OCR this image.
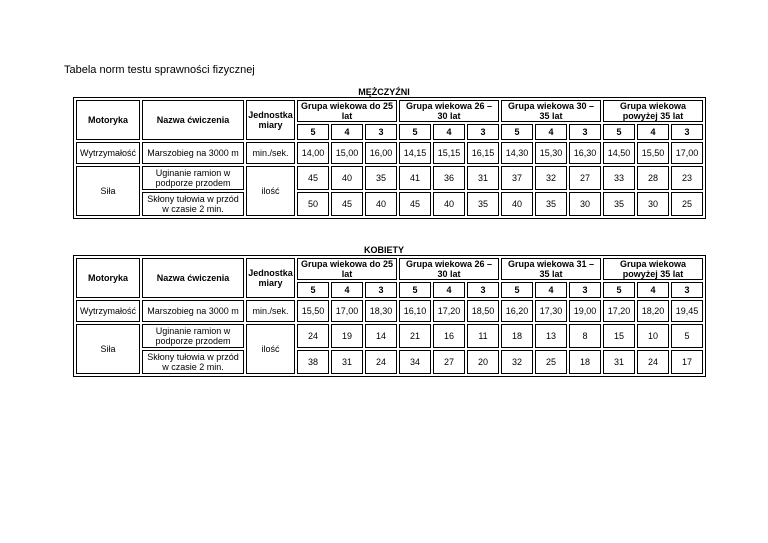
Tabela norm testu sprawności fizycznej
MĘŻCZYŹNI
Motoryka	Nazwa ćwiczenia	Jednostka miary	Grupa wiekowa do 25 lat			Grupa wiekowa 26 – 30 lat			Grupa wiekowa 30 – 35 lat			Grupa wiekowa powyżej 35 lat		
			5	4	3	5	4	3	5	4	3	5	4	3
Wytrzymałość	Marszobieg na 3000 m	min./sek.	14,00	15,00	16,00	14,15	15,15	16,15	14,30	15,30	16,30	14,50	15,50	17,00
Siła	Uginanie ramion w podporze przodem	ilość	45	40	35	41	36	31	37	32	27	33	28	23
	Skłony tułowia w przód w czasie 2 min.		50	45	40	45	40	35	40	35	30	35	30	25
KOBIETY
Motoryka	Nazwa ćwiczenia	Jednostka miary	Grupa wiekowa do 25 lat			Grupa wiekowa 26 – 30 lat			Grupa wiekowa 31 – 35 lat			Grupa wiekowa powyżej 35 lat		
			5	4	3	5	4	3	5	4	3	5	4	3
Wytrzymałość	Marszobieg na 3000 m	min./sek.	15,50	17,00	18,30	16,10	17,20	18,50	16,20	17,30	19,00	17,20	18,20	19,45
Siła	Uginanie ramion w podporze przodem	ilość	24	19	14	21	16	11	18	13	8	15	10	5
	Skłony tułowia w przód w czasie 2 min.		38	31	24	34	27	20	32	25	18	31	24	17
